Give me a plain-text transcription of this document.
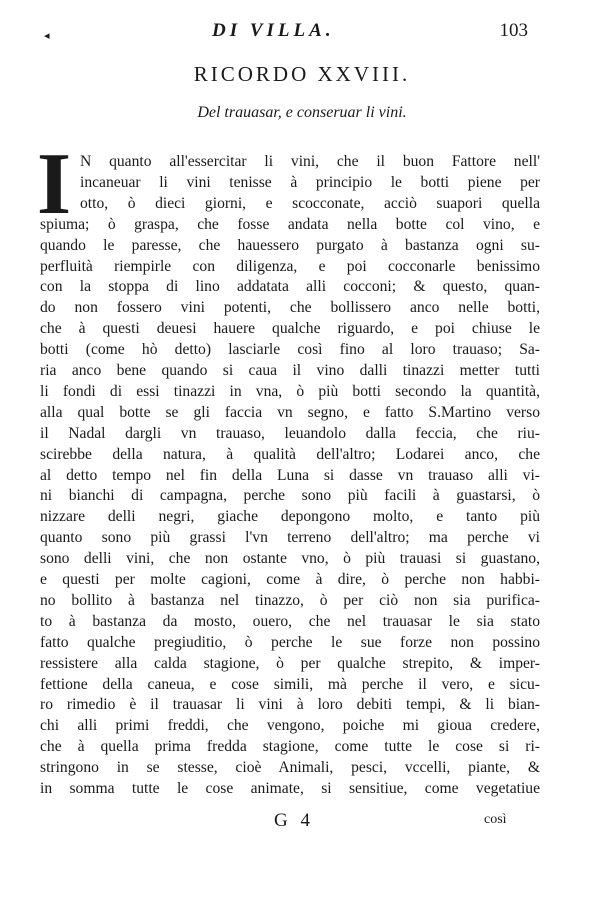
◂	DI VILLA.	103
RICORDO XXVIII.
Del trauasar, e conseruar li vini.
I N quanto all'essercitar li vini, che il buon Fattore nell'
incaneuar li vini tenisse à principio le botti piene per
otto, ò dieci giorni, e scocconate, acciò suapori quella
spiuma; ò graspa, che fosse andata nella botte col vino, e
quando le paresse, che hauessero purgato à bastanza ogni su-
perfluità riempirle con diligenza, e poi cocconarle benissimo
con la stoppa di lino addatata alli cocconi; & questo, quan-
do non fossero vini potenti, che bollissero anco nelle botti,
che à questi deuesi hauere qualche riguardo, e poi chiuse le
botti (come hò detto) lasciarle così fino al loro trauaso; Sa-
ria anco bene quando si caua il vino dalli tinazzi metter tutti
li fondi di essi tinazzi in vna, ò più botti secondo la quantità,
alla qual botte se gli faccia vn segno, e fatto S.Martino verso
il Nadal dargli vn trauaso, leuandolo dalla feccia, che riu-
scirebbe della natura, à qualità dell'altro; Lodarei anco, che
al detto tempo nel fin della Luna si dasse vn trauaso alli vi-
ni bianchi di campagna, perche sono più facili à guastarsi, ò
nizzare delli negri, giache depongono molto, e tanto più
quanto sono più grassi l'vn terreno dell'altro; ma perche vi
sono delli vini, che non ostante vno, ò più trauasi si guastano,
e questi per molte cagioni, come à dire, ò perche non habbi-
no bollito à bastanza nel tinazzo, ò per ciò non sia purifica-
to à bastanza da mosto, ouero, che nel trauasar le sia stato
fatto qualche pregiuditio, ò perche le sue forze non possino
ressistere alla calda stagione, ò per qualche strepito, & imper-
fettione della caneua, e cose simili, mà perche il vero, e sicu-
ro rimedio è il trauasar li vini à loro debiti tempi, & li bian-
chi alli primi freddi, che vengono, poiche mi gioua credere,
che à quella prima fredda stagione, come tutte le cose si ri-
stringono in se stesse, cioè Animali, pesci, vccelli, piante, &
in somma tutte le cose animate, si sensitiue, come vegetatiue
G 4	così
